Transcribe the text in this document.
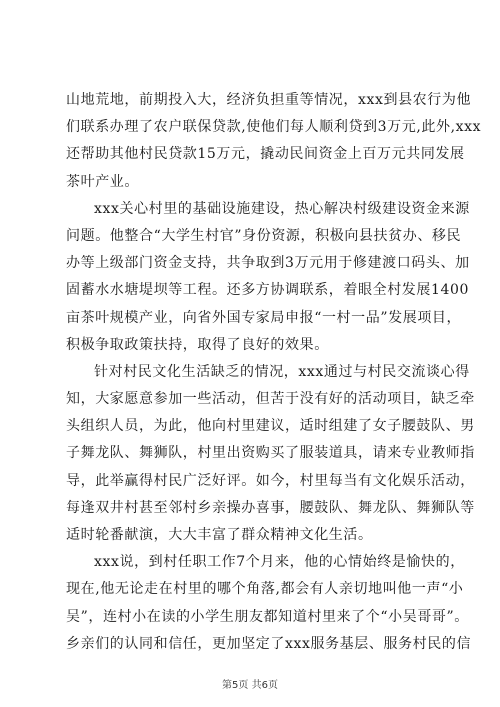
山地荒地，前期投入大，经济负担重等情况，xxx到县农行为他
们联系办理了农户联保贷款,使他们每人顺利贷到3万元,此外,xxx
还帮助其他村民贷款15万元，撬动民间资金上百万元共同发展
茶叶产业。
xxx关心村里的基础设施建设，热心解决村级建设资金来源
问题。他整合“大学生村官”身份资源，积极向县扶贫办、移民
办等上级部门资金支持，共争取到3万元用于修建渡口码头、加
固蓄水水塘堤坝等工程。还多方协调联系，着眼全村发展1400
亩茶叶规模产业，向省外国专家局申报“一村一品”发展项目，
积极争取政策扶持，取得了良好的效果。
针对村民文化生活缺乏的情况，xxx通过与村民交流谈心得
知，大家愿意参加一些活动，但苦于没有好的活动项目，缺乏牵
头组织人员，为此，他向村里建议，适时组建了女子腰鼓队、男
子舞龙队、舞狮队，村里出资购买了服装道具，请来专业教师指
导，此举赢得村民广泛好评。如今，村里每当有文化娱乐活动，
每逢双井村甚至邻村乡亲操办喜事，腰鼓队、舞龙队、舞狮队等
适时轮番献演，大大丰富了群众精神文化生活。
xxx说，到村任职工作7个月来，他的心情始终是愉快的，
现在,他无论走在村里的哪个角落,都会有人亲切地叫他一声“小
吴”，连村小在读的小学生朋友都知道村里来了个“小吴哥哥”。
乡亲们的认同和信任，更加坚定了xxx服务基层、服务村民的信
第5页 共6页
